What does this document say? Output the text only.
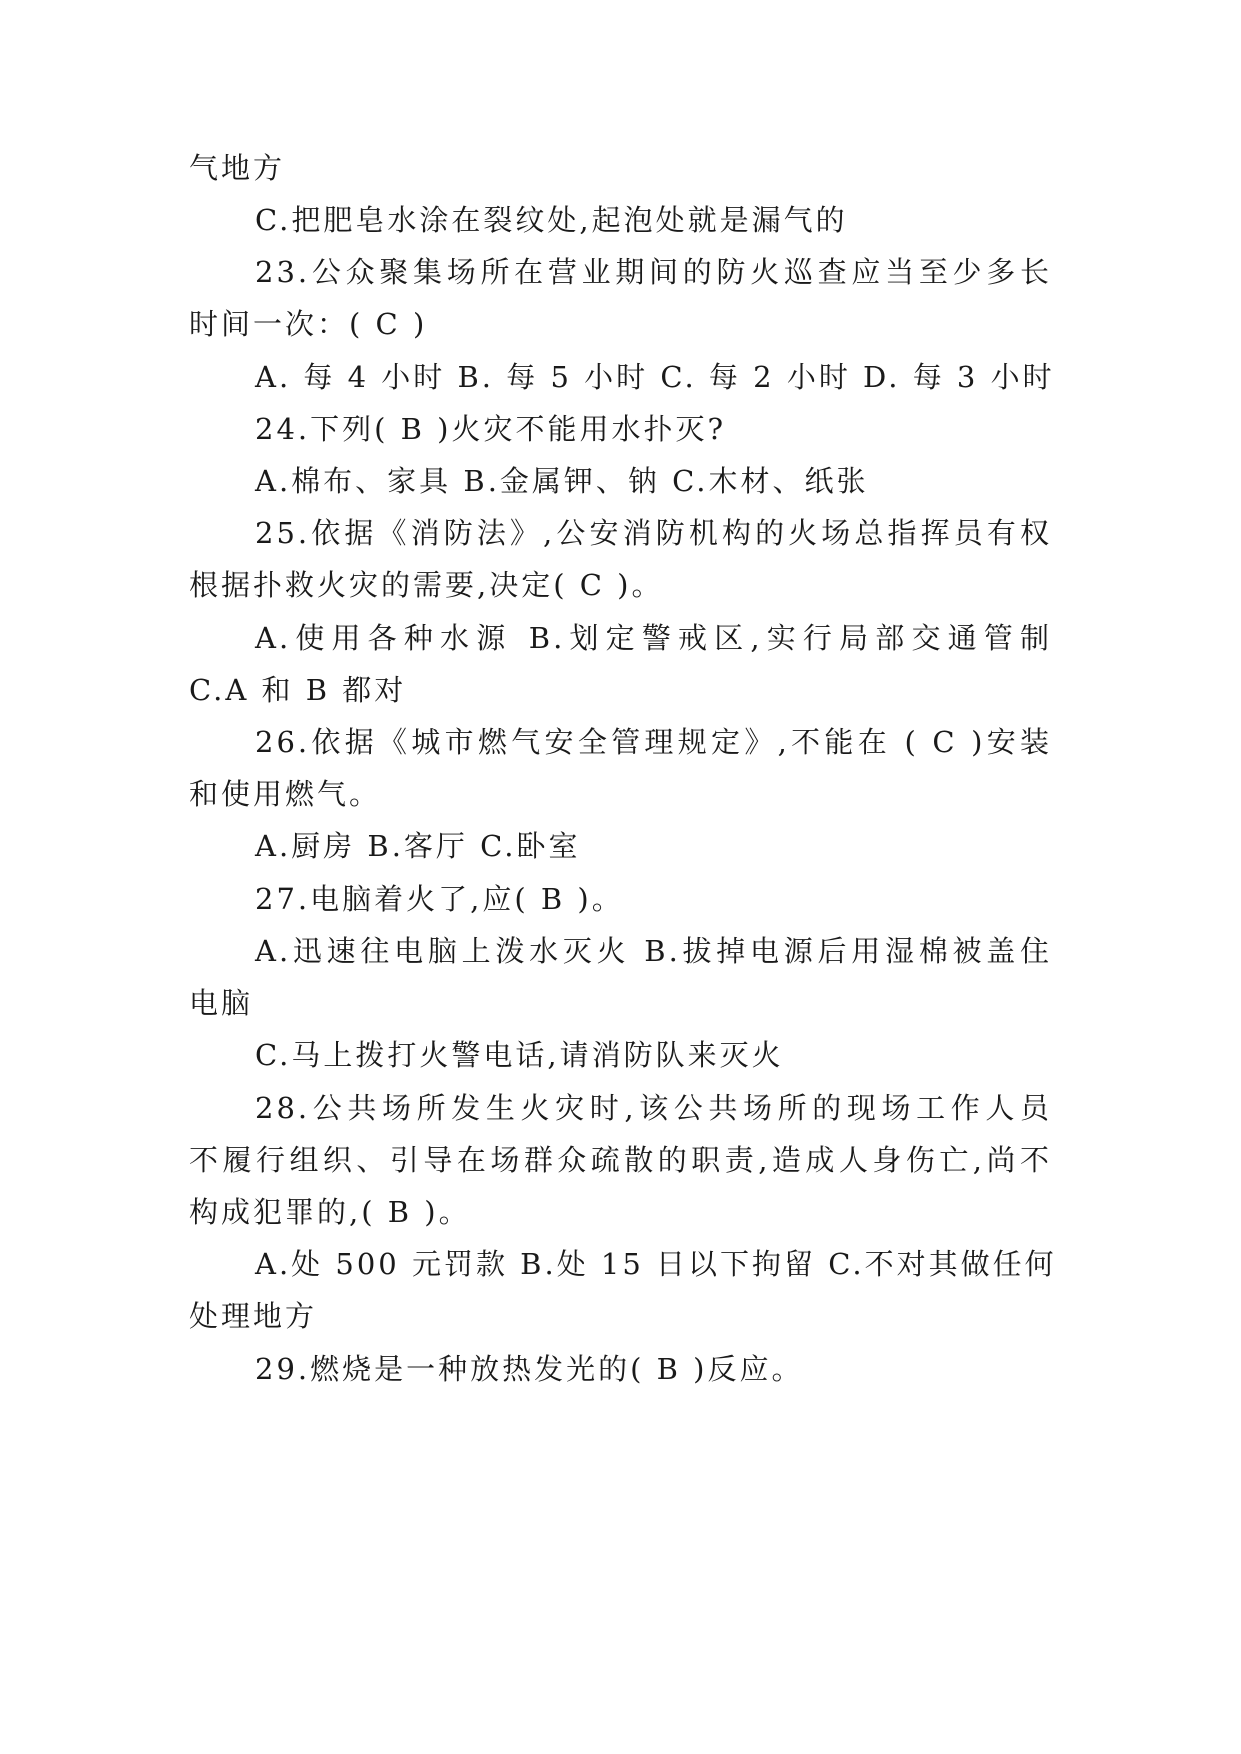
气地方
C.把肥皂水涂在裂纹处,起泡处就是漏气的
23.公众聚集场所在营业期间的防火巡查应当至少多长
时间一次：( C )
A. 每 4 小时 B. 每 5 小时 C. 每 2 小时 D. 每 3 小时
24.下列( B )火灾不能用水扑灭?
A.棉布、家具 B.金属钾、钠 C.木材、纸张
25.依据《消防法》,公安消防机构的火场总指挥员有权
根据扑救火灾的需要,决定( C )。
A.使用各种水源 B.划定警戒区,实行局部交通管制
C.A 和 B 都对
26.依据《城市燃气安全管理规定》,不能在 ( C )安装
和使用燃气。
A.厨房 B.客厅 C.卧室
27.电脑着火了,应( B )。
A.迅速往电脑上泼水灭火 B.拔掉电源后用湿棉被盖住
电脑
C.马上拨打火警电话,请消防队来灭火
28.公共场所发生火灾时,该公共场所的现场工作人员
不履行组织、引导在场群众疏散的职责,造成人身伤亡,尚不
构成犯罪的,( B )。
A.处 500 元罚款 B.处 15 日以下拘留 C.不对其做任何
处理地方
29.燃烧是一种放热发光的( B )反应。
